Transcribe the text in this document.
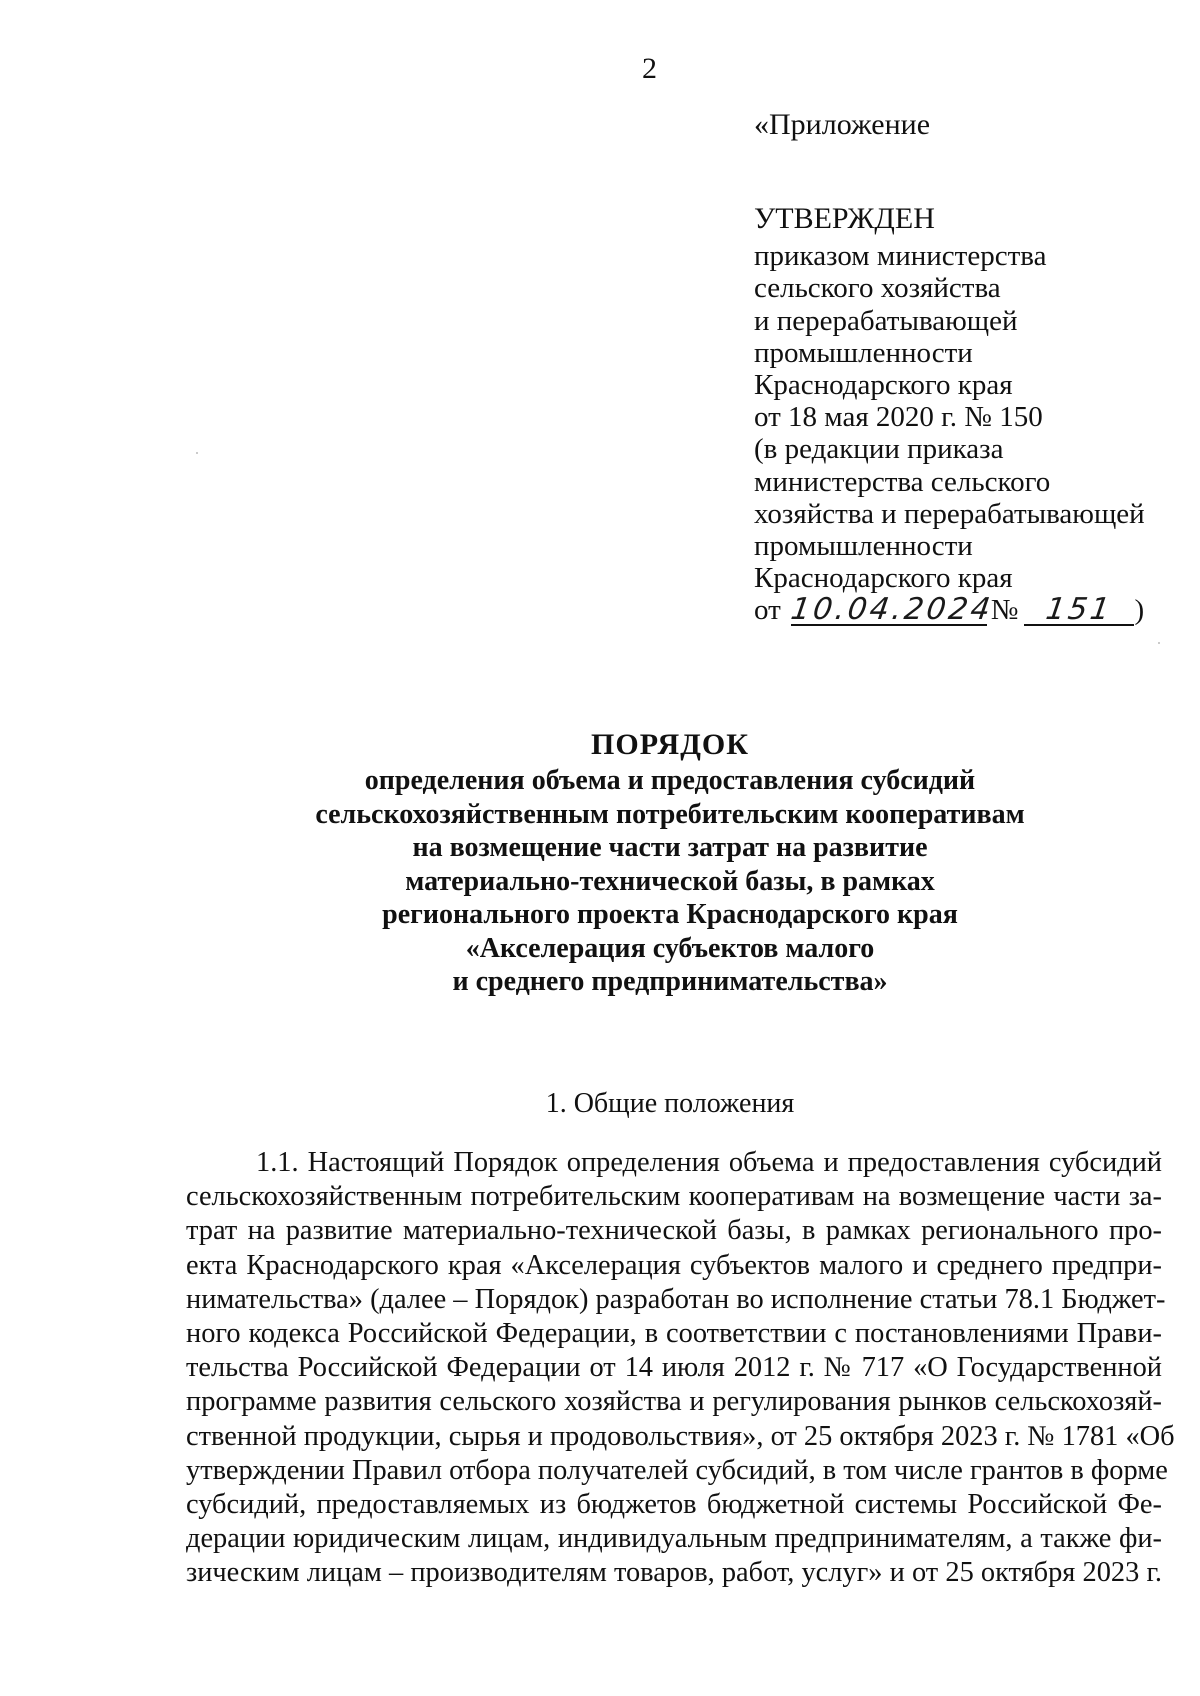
2
«Приложение
УТВЕРЖДЕН
приказом министерства
сельского хозяйства
и перерабатывающей
промышленности
Краснодарского края
от 18 мая 2020 г. № 150
(в редакции приказа
министерства сельского
хозяйства и перерабатывающей
промышленности
Краснодарского края
от 10.04.2024№ 151 )
ПОРЯДОК
определения объема и предоставления субсидий
сельскохозяйственным потребительским кооперативам
на возмещение части затрат на развитие
материально-технической базы, в рамках
регионального проекта Краснодарского края
«Акселерация субъектов малого
и среднего предпринимательства»
1. Общие положения
1.1. Настоящий Порядок определения объема и предоставления субсидий
сельскохозяйственным потребительским кооперативам на возмещение части за-
трат на развитие материально-технической базы, в рамках регионального про-
екта Краснодарского края «Акселерация субъектов малого и среднего предпри-
нимательства» (далее – Порядок) разработан во исполнение статьи 78.1 Бюджет-
ного кодекса Российской Федерации, в соответствии с постановлениями Прави-
тельства Российской Федерации от 14 июля 2012 г. № 717 «О Государственной
программе развития сельского хозяйства и регулирования рынков сельскохозяй-
ственной продукции, сырья и продовольствия», от 25 октября 2023 г. № 1781 «Об
утверждении Правил отбора получателей субсидий, в том числе грантов в форме
субсидий, предоставляемых из бюджетов бюджетной системы Российской Фе-
дерации юридическим лицам, индивидуальным предпринимателям, а также фи-
зическим лицам – производителям товаров, работ, услуг» и от 25 октября 2023 г.
